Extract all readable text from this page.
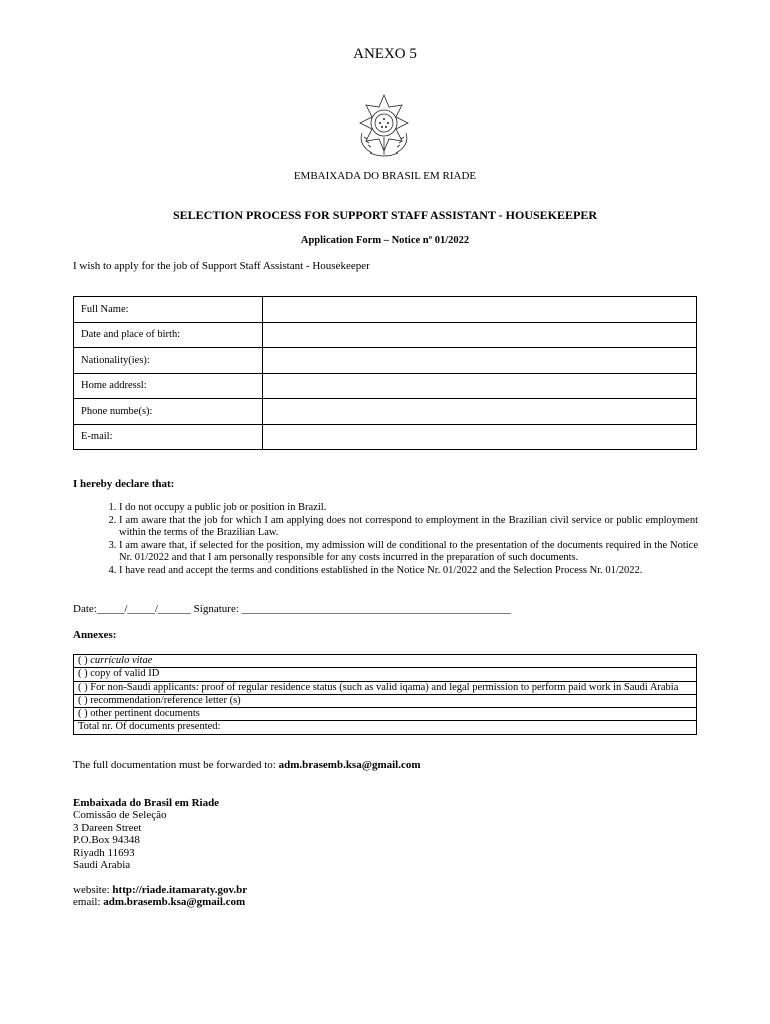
ANEXO 5
EMBAIXADA DO BRASIL EM RIADE
SELECTION PROCESS FOR SUPPORT STAFF ASSISTANT - HOUSEKEEPER
Application Form – Notice nº 01/2022
I wish to apply for the job of Support Staff Assistant - Housekeeper
Full Name:	
Date and place of birth:	
Nationality(ies):	
Home addressl:	
Phone numbe(s):	
E-mail:	
I hereby declare that:
1. I do not occupy a public job or position in Brazil.
2. I am aware that the job for which I am applying does not correspond to employment in the Brazilian civil service or public employment within the terms of the Brazilian Law.
3. I am aware that, if selected for the position, my admission will de conditional to the presentation of the documents required in the Notice Nr. 01/2022 and that I am personally responsible for any costs incurred in the preparation of such documents.
4. I have read and accept the terms and conditions established in the Notice Nr. 01/2022 and the Selection Process Nr. 01/2022.
Date:_____/_____/______ Signature: _________________________________________________
Annexes:
( ) currículo vitae
( ) copy of valid ID
( ) For non-Saudi applicants: proof of regular residence status (such as valid iqama) and legal permission to perform paid work in Saudi Arabia
( ) recommendation/reference letter (s)
( ) other pertinent documents
Total nr. Of documents presented:
The full documentation must be forwarded to: adm.brasemb.ksa@gmail.com
Embaixada do Brasil em Riade
Comissão de Seleção
3 Dareen Street
P.O.Box 94348
Riyadh 11693
Saudi Arabia
website: http://riade.itamaraty.gov.br
email: adm.brasemb.ksa@gmail.com
